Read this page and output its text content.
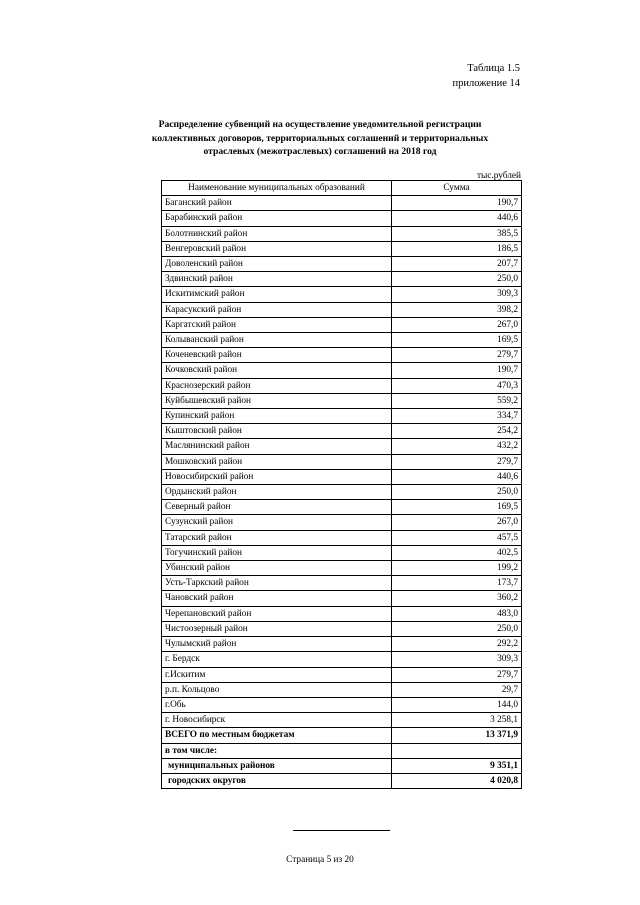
Таблица 1.5
приложение 14
Распределение субвенций на осуществление уведомительной регистрации
коллективных договоров, территориальных соглашений и территориальных
отраслевых (межотраслевых) соглашений на 2018 год
тыс.рублей
Наименование муниципальных образований	Сумма
Баганский район	190,7
Барабинский район	440,6
Болотнинский район	385,5
Венгеровский район	186,5
Доволенский район	207,7
Здвинский район	250,0
Искитимский район	309,3
Карасукский район	398,2
Каргатский район	267,0
Колыванский район	169,5
Коченевский район	279,7
Кочковский район	190,7
Краснозерский район	470,3
Куйбышевский район	559,2
Купинский район	334,7
Кыштовский район	254,2
Маслянинский район	432,2
Мошковский район	279,7
Новосибирский район	440,6
Ордынский район	250,0
Северный район	169,5
Сузунский район	267,0
Татарский район	457,5
Тогучинский район	402,5
Убинский район	199,2
Усть-Таркский район	173,7
Чановский район	360,2
Черепановский район	483,0
Чистоозерный район	250,0
Чулымский район	292,2
г. Бердск	309,3
г.Искитим	279,7
р.п. Кольцово	29,7
г.Обь	144,0
г. Новосибирск	3 258,1
ВСЕГО по местным бюджетам	13 371,9
в том числе:	
муниципальных районов	9 351,1
городских округов	4 020,8
Страница 5 из 20
